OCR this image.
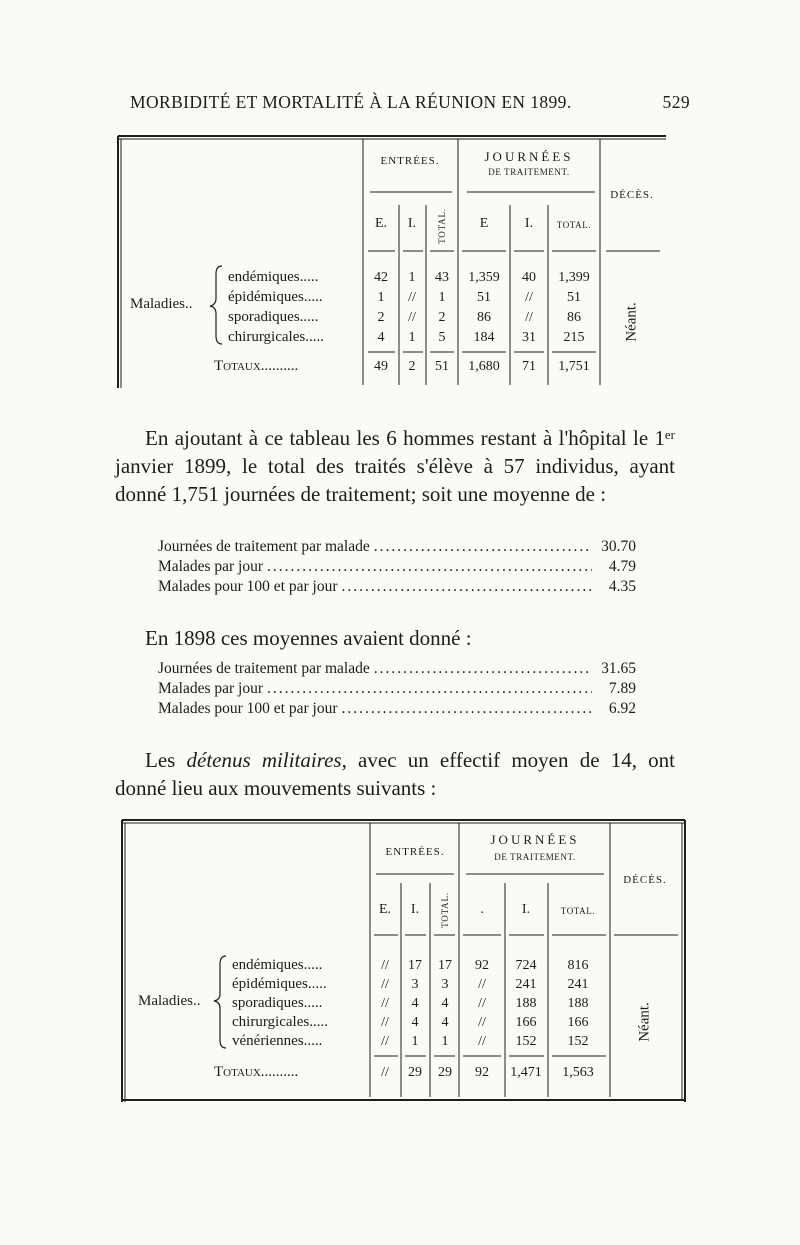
MORBIDITÉ ET MORTALITÉ À LA RÉUNION EN 1899.	529
ENTRÉES.	JOURNÉES
DE TRAITEMENT.
DÉCÈS.
E. I. TOTAL. E	I.	TOTAL.
Maladies..
endémiques.....	42 1 43 1,359 40 1,399
épidémiques.....	1 // 1 51 // 51
sporadiques.....	2 // 2 86 // 86
chirurgicales.....	4 1 5 184 31 215
Totaux..........	49 2 51 1,680 71 1,751
Néant.
En ajoutant à ce tableau les 6 hommes restant à l'hôpital le 1ᵉʳ janvier 1899, le total des traités s'élève à 57 individus, ayant donné 1,751 journées de traitement; soit une moyenne de :
Journées de traitement par malade .....	30.70
Malades par jour .....	4.79
Malades pour 100 et par jour .....	4.35
En 1898 ces moyennes avaient donné :
Journées de traitement par malade .....	31.65
Malades par jour .....	7.89
Malades pour 100 et par jour .....	6.92
Les détenus militaires, avec un effectif moyen de 14, ont donné lieu aux mouvements suivants :
ENTRÉES.
JOURNÉES
DE TRAITEMENT.
DÉCÈS.
E. I. TOTAL. .	I.	TOTAL.
Maladies..
endémiques.....	// 17 17 92 724 816
épidémiques.....	// 3 3 // 241 241
sporadiques.....	// 4 4 // 188 188
chirurgicales.....	// 4 4 // 166 166
vénériennes.....	// 1 1 // 152 152
Totaux..........	// 29 29 92 1,471 1,563
Néant.
